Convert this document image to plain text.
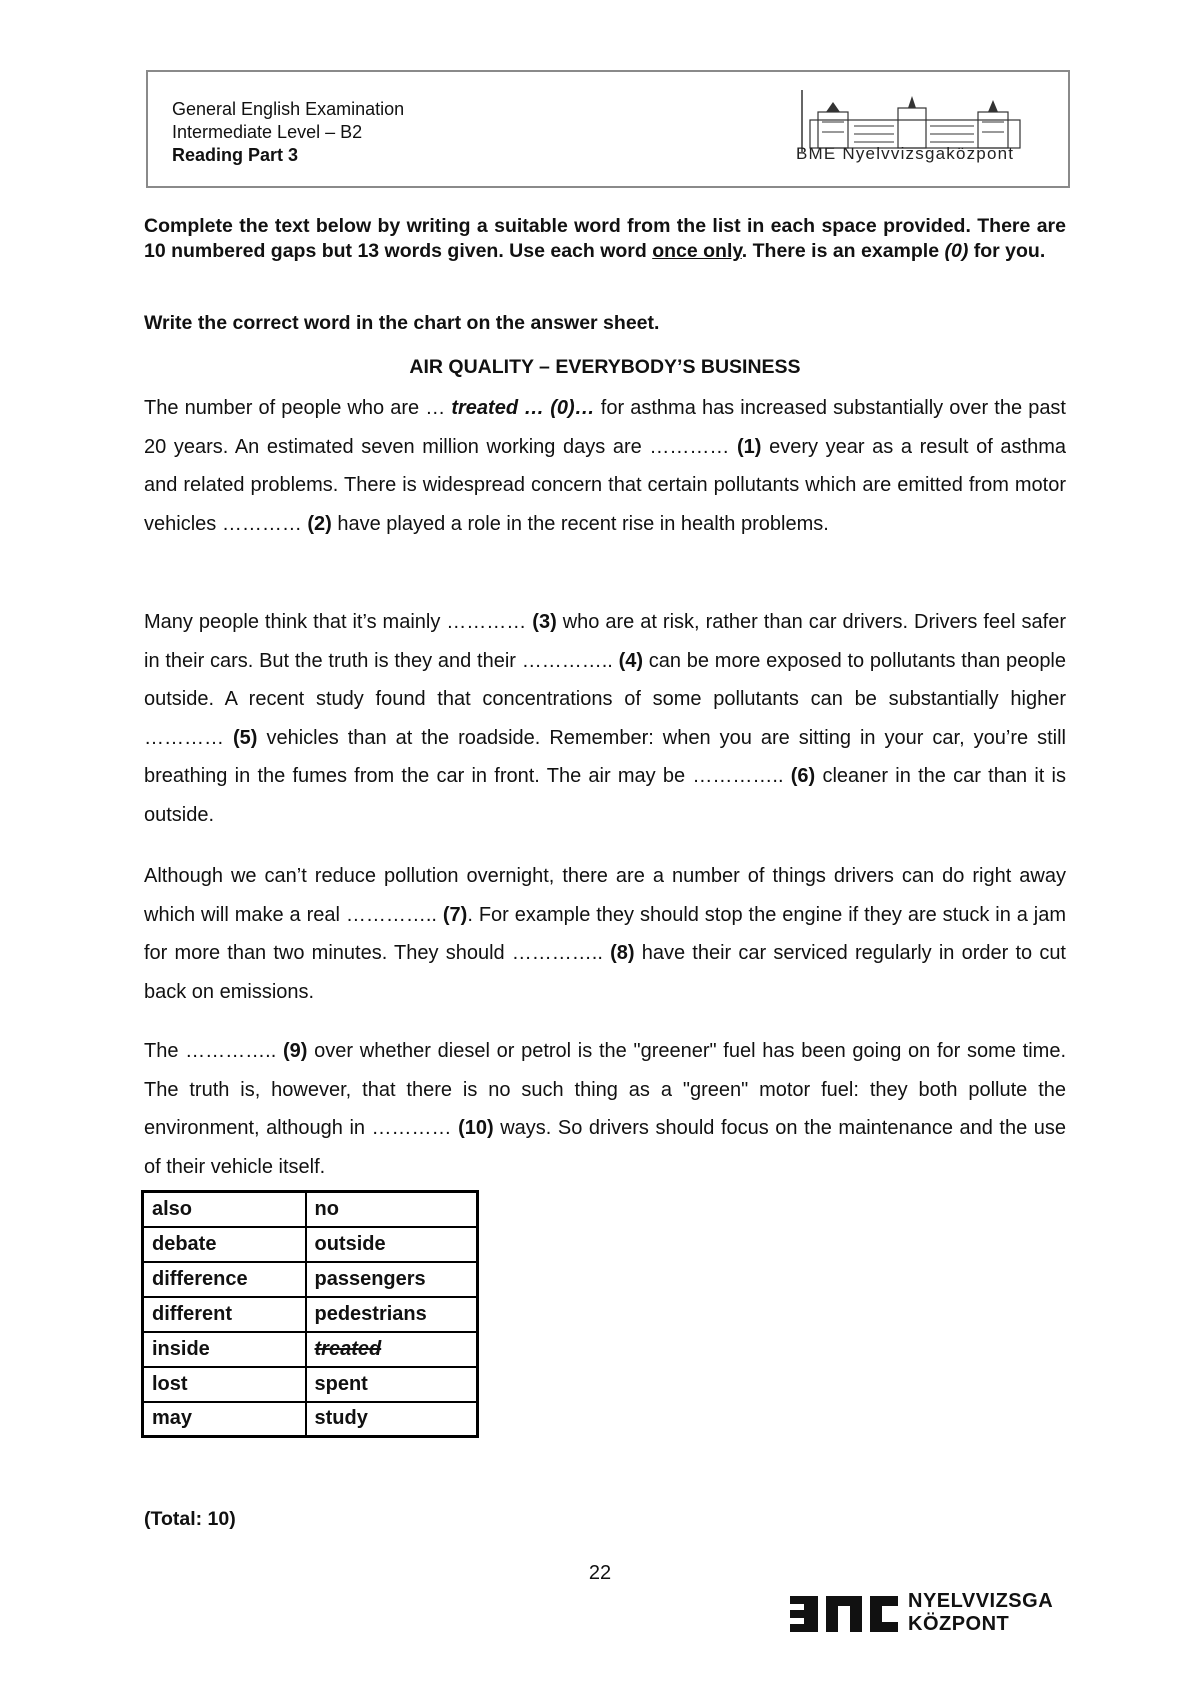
General English Examination
Intermediate Level – B2
Reading Part 3	BME Nyelvvizsgaközpont
Complete the text below by writing a suitable word from the list in each space provided. There are 10 numbered gaps but 13 words given. Use each word once only. There is an example (0) for you.
Write the correct word in the chart on the answer sheet.
AIR QUALITY – EVERYBODY’S BUSINESS
The number of people who are … treated … (0)… for asthma has increased substantially over the past 20 years. An estimated seven million working days are ………… (1) every year as a result of asthma and related problems. There is widespread concern that certain pollutants which are emitted from motor vehicles ………… (2) have played a role in the recent rise in health problems.
Many people think that it’s mainly ………… (3) who are at risk, rather than car drivers. Drivers feel safer in their cars. But the truth is they and their ………….. (4) can be more exposed to pollutants than people outside. A recent study found that concentrations of some pollutants can be substantially higher ………… (5) vehicles than at the roadside. Remember: when you are sitting in your car, you’re still breathing in the fumes from the car in front. The air may be ………….. (6) cleaner in the car than it is outside.
Although we can’t reduce pollution overnight, there are a number of things drivers can do right away which will make a real ………….. (7). For example they should stop the engine if they are stuck in a jam for more than two minutes. They should ………….. (8) have their car serviced regularly in order to cut back on emissions.
The ………….. (9) over whether diesel or petrol is the "greener" fuel has been going on for some time. The truth is, however, that there is no such thing as a "green" motor fuel: they both pollute the environment, although in ………… (10) ways. So drivers should focus on the maintenance and the use of their vehicle itself.
also	no
debate	outside
difference	passengers
different	pedestrians
inside	treated
lost	spent
may	study
(Total: 10)
22
NYELVVIZSGA
KÖZPONT
